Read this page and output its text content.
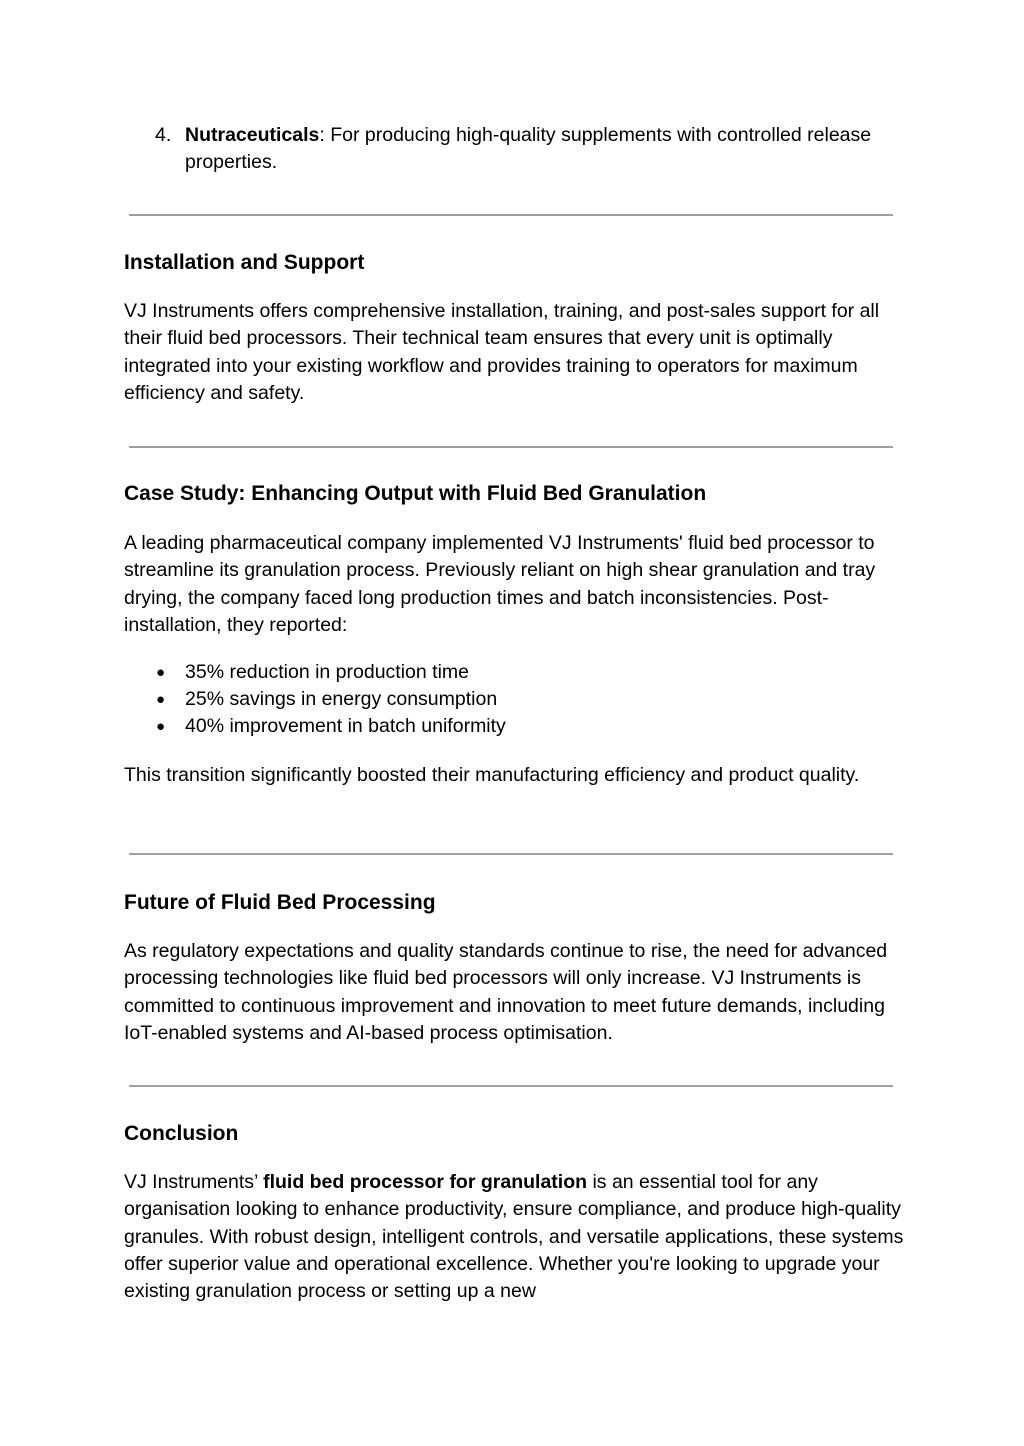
4. Nutraceuticals: For producing high-quality supplements with controlled release properties.
Installation and Support

VJ Instruments offers comprehensive installation, training, and post-sales support for all their fluid bed processors. Their technical team ensures that every unit is optimally integrated into your existing workflow and provides training to operators for maximum efficiency and safety.

Case Study: Enhancing Output with Fluid Bed Granulation

A leading pharmaceutical company implemented VJ Instruments' fluid bed processor to streamline its granulation process. Previously reliant on high shear granulation and tray drying, the company faced long production times and batch inconsistencies. Post-installation, they reported:

● 35% reduction in production time
● 25% savings in energy consumption
● 40% improvement in batch uniformity

This transition significantly boosted their manufacturing efficiency and product quality.

Future of Fluid Bed Processing

As regulatory expectations and quality standards continue to rise, the need for advanced processing technologies like fluid bed processors will only increase. VJ Instruments is committed to continuous improvement and innovation to meet future demands, including IoT-enabled systems and AI-based process optimisation.

Conclusion

VJ Instruments’ fluid bed processor for granulation is an essential tool for any organisation looking to enhance productivity, ensure compliance, and produce high-quality granules. With robust design, intelligent controls, and versatile applications, these systems offer superior value and operational excellence. Whether you're looking to upgrade your existing granulation process or setting up a new
